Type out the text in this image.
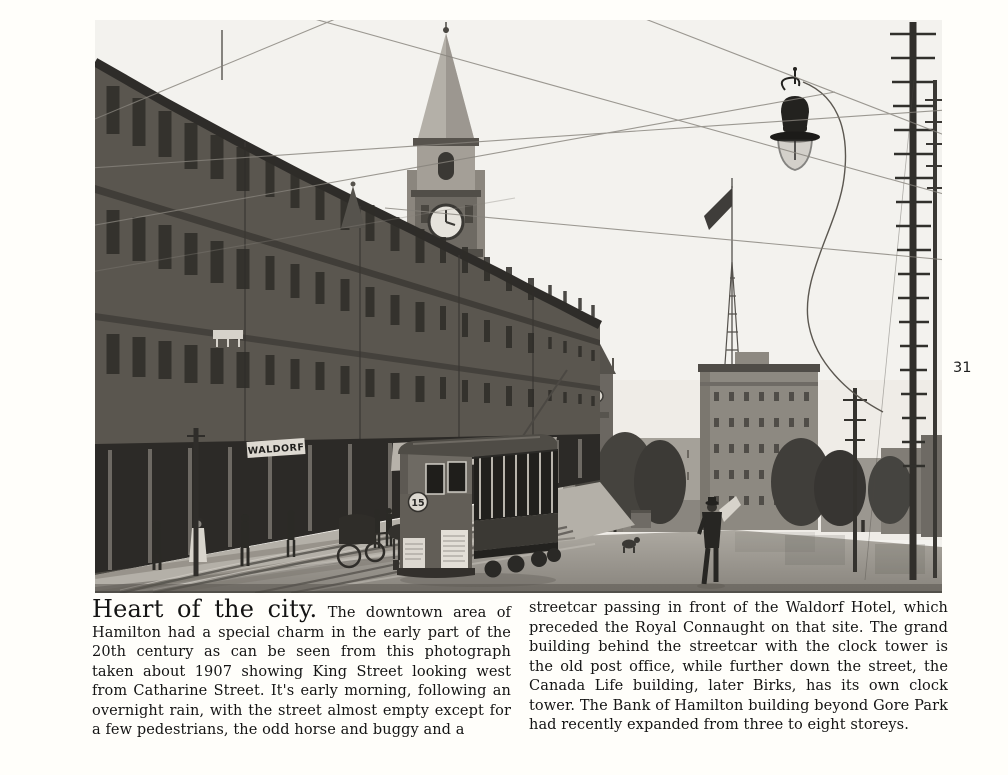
WALDORF
15
31
Heart of the city. The downtown area of Hamilton had a special charm in the early part of the 20th century as can be seen from this photograph taken about 1907 showing King Street looking west from Catharine Street. It's early morning, following an overnight rain, with the street almost empty except for a few pedestrians, the odd horse and buggy and a
streetcar passing in front of the Waldorf Hotel, which preceded the Royal Connaught on that site. The grand building behind the streetcar with the clock tower is the old post office, while further down the street, the Canada Life building, later Birks, has its own clock tower. The Bank of Hamilton building beyond Gore Park had recently expanded from three to eight storeys.
